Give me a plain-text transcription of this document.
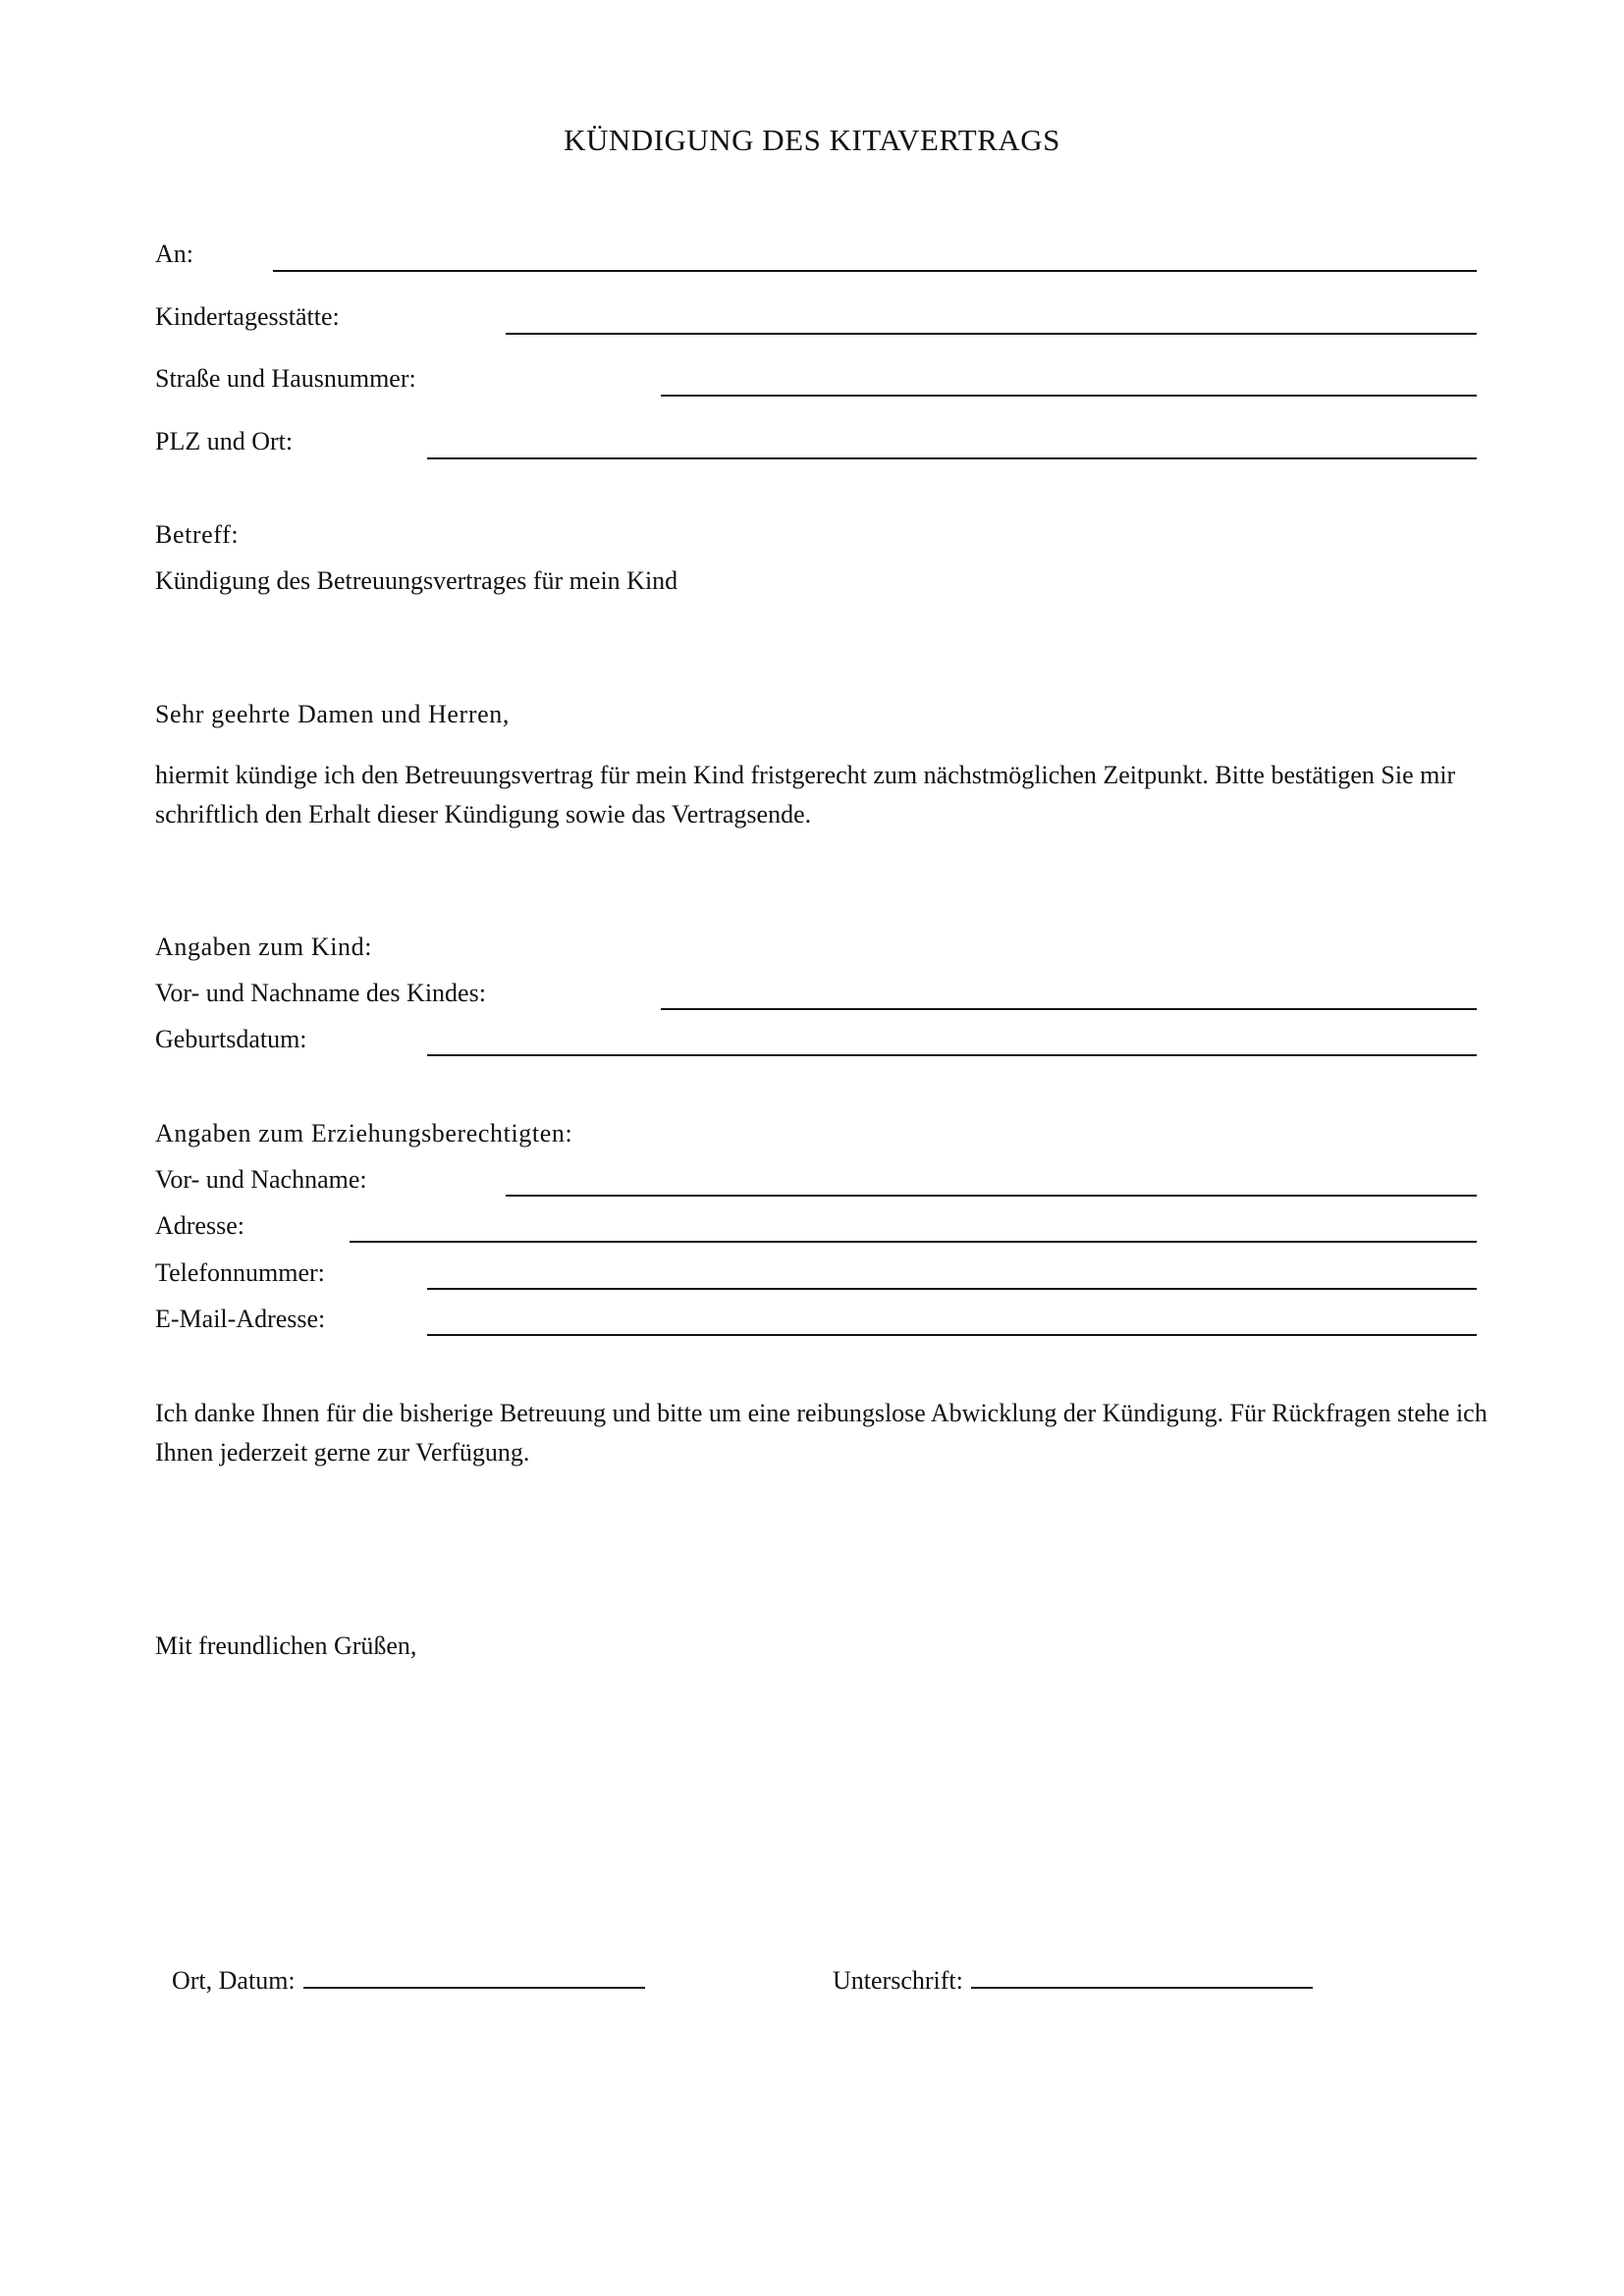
KÜNDIGUNG DES KITAVERTRAGS
An:
Kindertagesstätte:
Straße und Hausnummer:
PLZ und Ort:
Betreff:
Kündigung des Betreuungsvertrages für mein Kind
Sehr geehrte Damen und Herren,
hiermit kündige ich den Betreuungsvertrag für mein Kind fristgerecht zum nächstmöglichen Zeitpunkt. Bitte bestätigen Sie mir schriftlich den Erhalt dieser Kündigung sowie das Vertragsende.
Angaben zum Kind:
Vor- und Nachname des Kindes:
Geburtsdatum:
Angaben zum Erziehungsberechtigten:
Vor- und Nachname:
Adresse:
Telefonnummer:
E-Mail-Adresse:
Ich danke Ihnen für die bisherige Betreuung und bitte um eine reibungslose Abwicklung der Kündigung. Für Rückfragen stehe ich Ihnen jederzeit gerne zur Verfügung.
Mit freundlichen Grüßen,
Ort, Datum:	Unterschrift:
